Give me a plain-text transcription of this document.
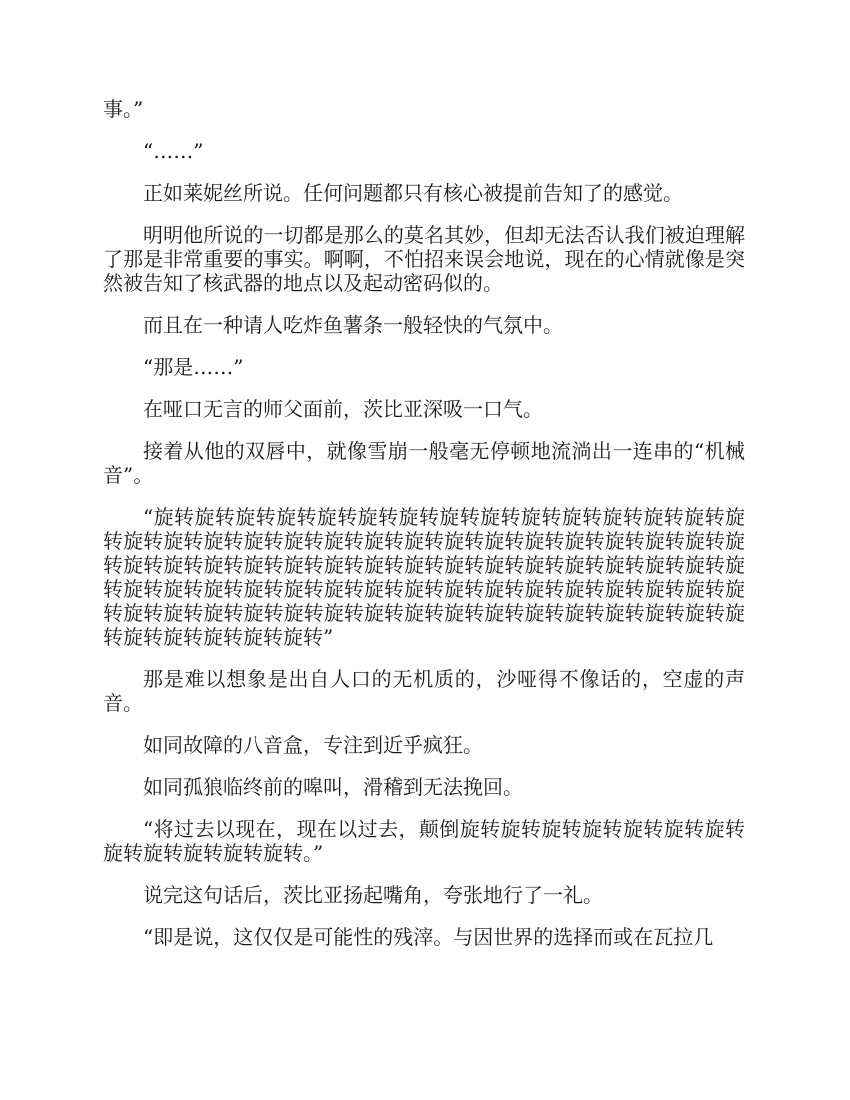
事。”

“……”

正如莱妮丝所说。任何问题都只有核心被提前告知了的感觉。

明明他所说的一切都是那么的莫名其妙，但却无法否认我们被迫理解了那是非常重要的事实。啊啊，不怕招来误会地说，现在的心情就像是突然被告知了核武器的地点以及起动密码似的。

而且在一种请人吃炸鱼薯条一般轻快的气氛中。

“那是……”

在哑口无言的师父面前，茨比亚深吸一口气。

接着从他的双唇中，就像雪崩一般毫无停顿地流淌出一连串的“机械音”。

“旋转旋转旋转旋转旋转旋转旋转旋转旋转旋转旋转旋转旋转旋转旋转旋转旋转旋转旋转旋转旋转旋转旋转旋转旋转旋转旋转旋转旋转旋转旋转旋转旋转旋转旋转旋转旋转旋转旋转旋转旋转旋转旋转旋转旋转旋转旋转旋转旋转旋转旋转旋转旋转旋转旋转旋转旋转旋转旋转旋转旋转旋转旋转旋转旋转旋转旋转旋转旋转旋转旋转旋转旋转旋转旋转旋转旋转旋转旋转旋转旋转旋转旋转旋转”

那是难以想象是出自人口的无机质的，沙哑得不像话的，空虚的声音。

如同故障的八音盒，专注到近乎疯狂。

如同孤狼临终前的嗥叫，滑稽到无法挽回。

“将过去以现在，现在以过去，颠倒旋转旋转旋转旋转旋转旋转旋转旋转旋转旋转旋转旋转。”

说完这句话后，茨比亚扬起嘴角，夸张地行了一礼。

“即是说，这仅仅是可能性的残滓。与因世界的选择而或在瓦拉几
